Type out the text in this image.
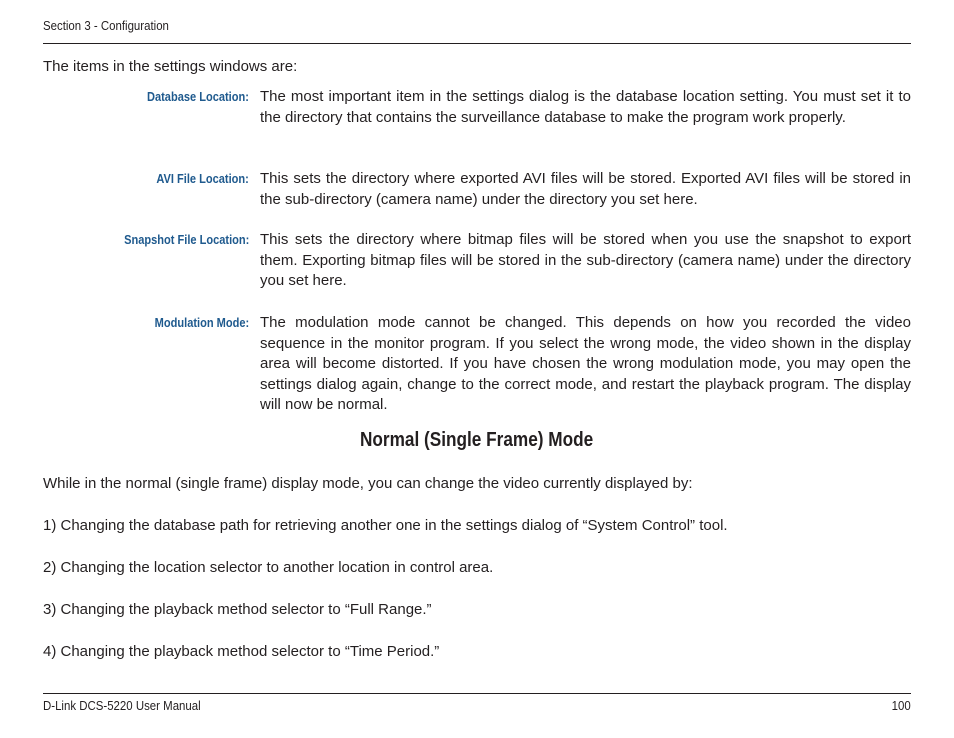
Section 3 - Configuration
The items in the settings windows are:
Database Location: The most important item in the settings dialog is the database location setting. You must set it to the directory that contains the surveillance database to make the program work properly.
AVI File Location: This sets the directory where exported AVI files will be stored. Exported AVI files will be stored in the sub-directory (camera name) under the directory you set here.
Snapshot File Location: This sets the directory where bitmap files will be stored when you use the snapshot to export them. Exporting bitmap files will be stored in the sub-directory (camera name) under the directory you set here.
Modulation Mode: The modulation mode cannot be changed. This depends on how you recorded the video sequence in the monitor program. If you select the wrong mode, the video shown in the display area will become distorted. If you have chosen the wrong modulation mode, you may open the settings dialog again, change to the correct mode, and restart the playback program. The display will now be normal.
Normal (Single Frame) Mode
While in the normal (single frame) display mode, you can change the video currently displayed by:
1) Changing the database path for retrieving another one in the settings dialog of “System Control” tool.
2) Changing the location selector to another location in control area.
3) Changing the playback method selector to “Full Range.”
4) Changing the playback method selector to “Time Period.”
D-Link DCS-5220 User Manual	100
